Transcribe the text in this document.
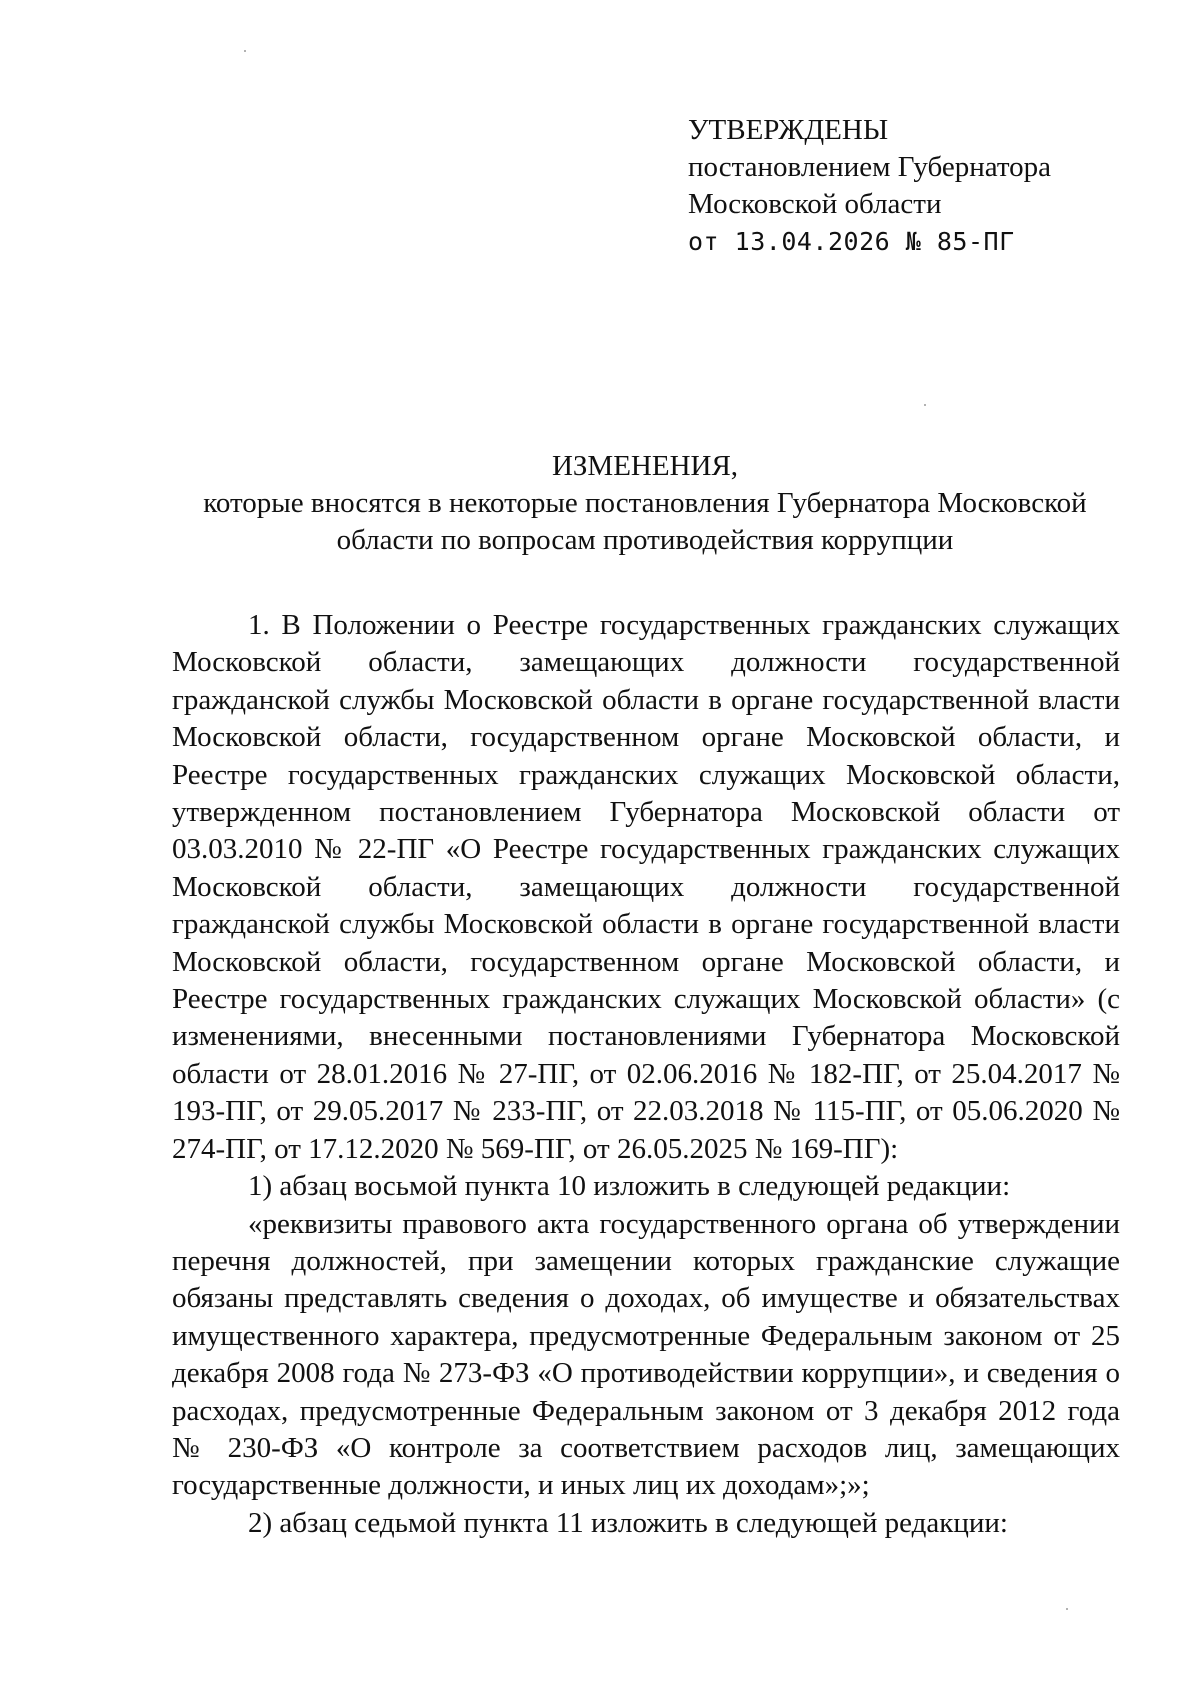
УТВЕРЖДЕНЫ
постановлением Губернатора
Московской области
от 13.04.2026 № 85-ПГ
ИЗМЕНЕНИЯ,
которые вносятся в некоторые постановления Губернатора Московской
области по вопросам противодействия коррупции

1. В Положении о Реестре государственных гражданских служащих Московской области, замещающих должности государственной гражданской службы Московской области в органе государственной власти Московской области, государственном органе Московской области, и Реестре государственных гражданских служащих Московской области, утвержденном постановлением Губернатора Московской области от 03.03.2010 № 22-ПГ «О Реестре государственных гражданских служащих Московской области, замещающих должности государственной гражданской службы Московской области в органе государственной власти Московской области, государственном органе Московской области, и Реестре государственных гражданских служащих Московской области» (с изменениями, внесенными постановлениями Губернатора Московской области от 28.01.2016 № 27-ПГ, от 02.06.2016 № 182-ПГ, от 25.04.2017 № 193-ПГ, от 29.05.2017 № 233-ПГ, от 22.03.2018 № 115-ПГ, от 05.06.2020 № 274-ПГ, от 17.12.2020 № 569-ПГ, от 26.05.2025 № 169-ПГ):

1) абзац восьмой пункта 10 изложить в следующей редакции:

«реквизиты правового акта государственного органа об утверждении перечня должностей, при замещении которых гражданские служащие обязаны представлять сведения о доходах, об имуществе и обязательствах имущественного характера, предусмотренные Федеральным законом от 25 декабря 2008 года № 273-ФЗ «О противодействии коррупции», и сведения о расходах, предусмотренные Федеральным законом от 3 декабря 2012 года № 230-ФЗ «О контроле за соответствием расходов лиц, замещающих государственные должности, и иных лиц их доходам»;»;

2) абзац седьмой пункта 11 изложить в следующей редакции:
